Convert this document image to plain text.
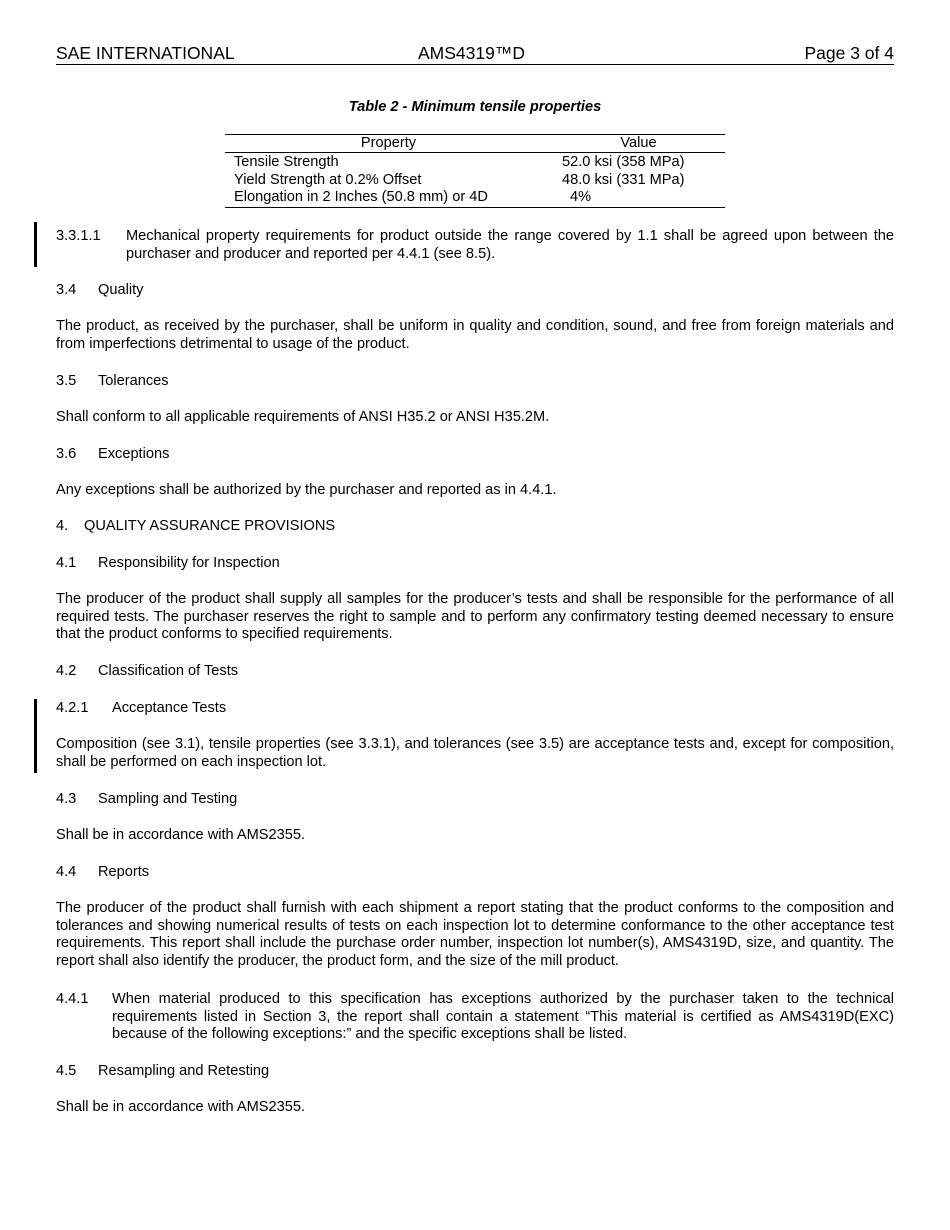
SAE INTERNATIONAL	AMS4319™D	Page 3 of 4
Table 2 - Minimum tensile properties
Property	Value
Tensile Strength	52.0 ksi (358 MPa)
Yield Strength at 0.2% Offset	48.0 ksi (331 MPa)
Elongation in 2 Inches (50.8 mm) or 4D	4%
3.3.1.1 Mechanical property requirements for product outside the range covered by 1.1 shall be agreed upon between the purchaser and producer and reported per 4.4.1 (see 8.5).
3.4 Quality
The product, as received by the purchaser, shall be uniform in quality and condition, sound, and free from foreign materials and from imperfections detrimental to usage of the product.
3.5 Tolerances
Shall conform to all applicable requirements of ANSI H35.2 or ANSI H35.2M.
3.6 Exceptions
Any exceptions shall be authorized by the purchaser and reported as in 4.4.1.
4. QUALITY ASSURANCE PROVISIONS
4.1 Responsibility for Inspection
The producer of the product shall supply all samples for the producer’s tests and shall be responsible for the performance of all required tests. The purchaser reserves the right to sample and to perform any confirmatory testing deemed necessary to ensure that the product conforms to specified requirements.
4.2 Classification of Tests
4.2.1 Acceptance Tests
Composition (see 3.1), tensile properties (see 3.3.1), and tolerances (see 3.5) are acceptance tests and, except for composition, shall be performed on each inspection lot.
4.3 Sampling and Testing
Shall be in accordance with AMS2355.
4.4 Reports
The producer of the product shall furnish with each shipment a report stating that the product conforms to the composition and tolerances and showing numerical results of tests on each inspection lot to determine conformance to the other acceptance test requirements. This report shall include the purchase order number, inspection lot number(s), AMS4319D, size, and quantity. The report shall also identify the producer, the product form, and the size of the mill product.
4.4.1 When material produced to this specification has exceptions authorized by the purchaser taken to the technical requirements listed in Section 3, the report shall contain a statement “This material is certified as AMS4319D(EXC) because of the following exceptions:” and the specific exceptions shall be listed.
4.5 Resampling and Retesting
Shall be in accordance with AMS2355.
